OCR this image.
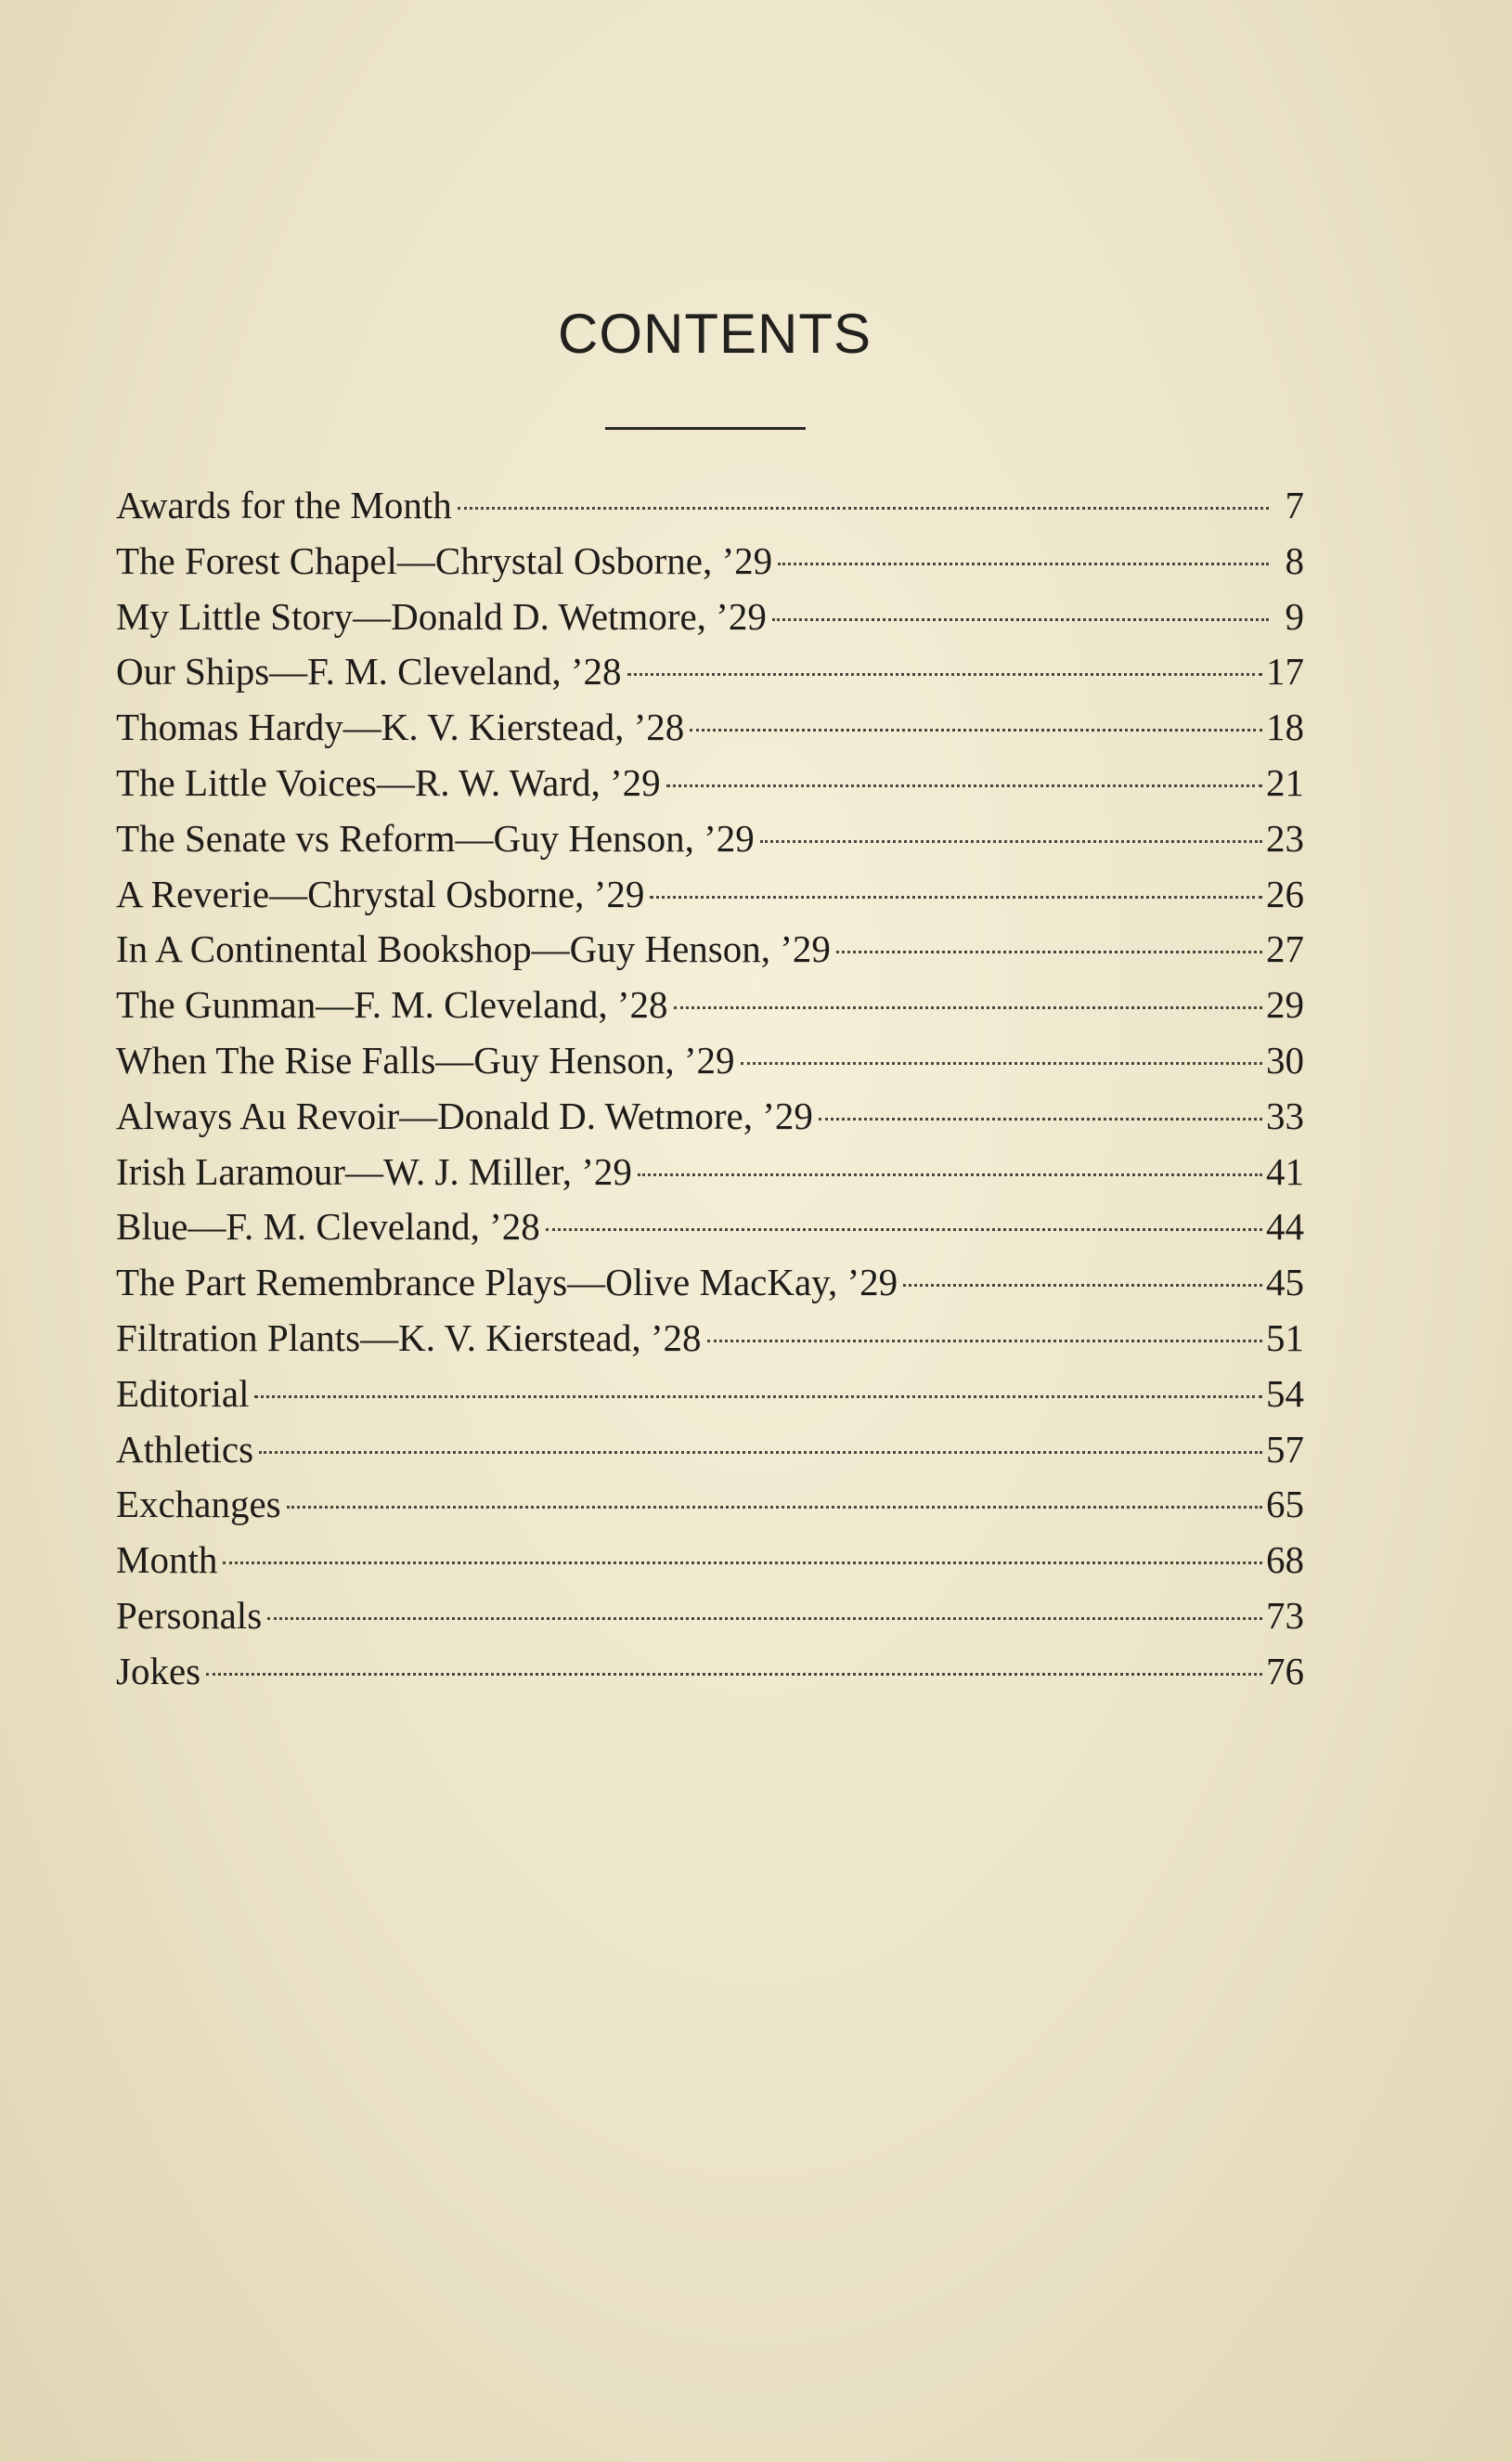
CONTENTS
Awards for the Month	7
The Forest Chapel—Chrystal Osborne, ’29	8
My Little Story—Donald D. Wetmore, ’29	9
Our Ships—F. M. Cleveland, ’28	17
Thomas Hardy—K. V. Kierstead, ’28	18
The Little Voices—R. W. Ward, ’29	21
The Senate vs Reform—Guy Henson, ’29	23
A Reverie—Chrystal Osborne, ’29	26
In A Continental Bookshop—Guy Henson, ’29	27
The Gunman—F. M. Cleveland, ’28	29
When The Rise Falls—Guy Henson, ’29	30
Always Au Revoir—Donald D. Wetmore, ’29	33
Irish Laramour—W. J. Miller, ’29	41
Blue—F. M. Cleveland, ’28	44
The Part Remembrance Plays—Olive MacKay, ’29	45
Filtration Plants—K. V. Kierstead, ’28	51
Editorial	54
Athletics	57
Exchanges	65
Month	68
Personals	73
Jokes	76
